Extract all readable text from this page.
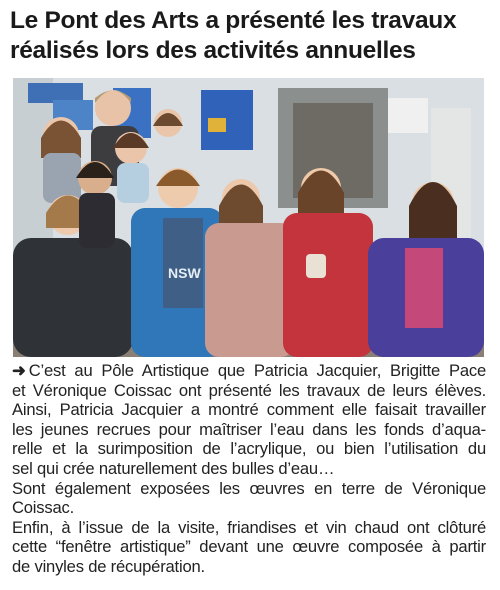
Le Pont des Arts a présenté les travaux
réalisés lors des activités annuelles
NSW

➜ C’est au Pôle Artistique que Patricia Jacquier, Brigitte Pace
et Véronique Coissac ont présenté les travaux de leurs élèves.
Ainsi, Patricia Jacquier a montré comment elle faisait travailler
les jeunes recrues pour maîtriser l’eau dans les fonds d’aqua-
relle et la surimposition de l’acrylique, ou bien l’utilisation du
sel qui crée naturellement des bulles d’eau…

Sont également exposées les œuvres en terre de Véronique
Coissac.

Enfin, à l’issue de la visite, friandises et vin chaud ont clôturé
cette “fenêtre artistique” devant une œuvre composée à partir
de vinyles de récupération.
